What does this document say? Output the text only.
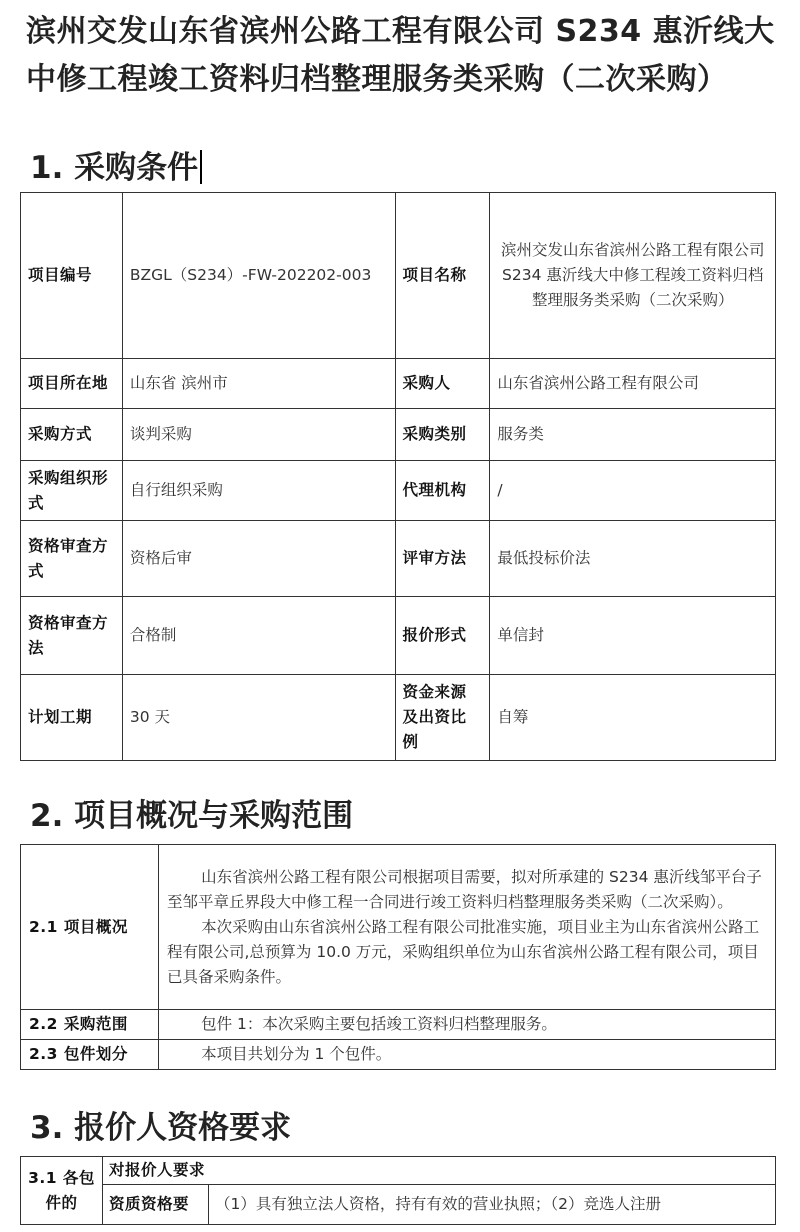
滨州交发山东省滨州公路工程有限公司 S234 惠沂线大中修工程竣工资料归档整理服务类采购（二次采购）
1. 采购条件
项目编号	BZGL（S234）-FW-202202-003	项目名称	滨州交发山东省滨州公路工程有限公司 S234 惠沂线大中修工程竣工资料归档整理服务类采购（二次采购）
项目所在地	山东省 滨州市	采购人	山东省滨州公路工程有限公司
采购方式	谈判采购	采购类别	服务类
采购组织形式	自行组织采购	代理机构	/
资格审查方式	资格后审	评审方法	最低投标价法
资格审查方法	合格制	报价形式	单信封
计划工期	30 天	资金来源及出资比例	自筹
2. 项目概况与采购范围
2.1 项目概况	山东省滨州公路工程有限公司根据项目需要，拟对所承建的 S234 惠沂线邹平台子至邹平章丘界段大中修工程一合同进行竣工资料归档整理服务类采购（二次采购）。
本次采购由山东省滨州公路工程有限公司批准实施，项目业主为山东省滨州公路工程有限公司,总预算为 10.0 万元，采购组织单位为山东省滨州公路工程有限公司，项目已具备采购条件。

2.2 采购范围	包件 1：本次采购主要包括竣工资料归档整理服务。
2.3 包件划分	本项目共划分为 1 个包件。
3. 报价人资格要求
3.1 各包件的	对报价人要求	
	资质资格要	（1）具有独立法人资格，持有有效的营业执照；（2）竞选人注册
